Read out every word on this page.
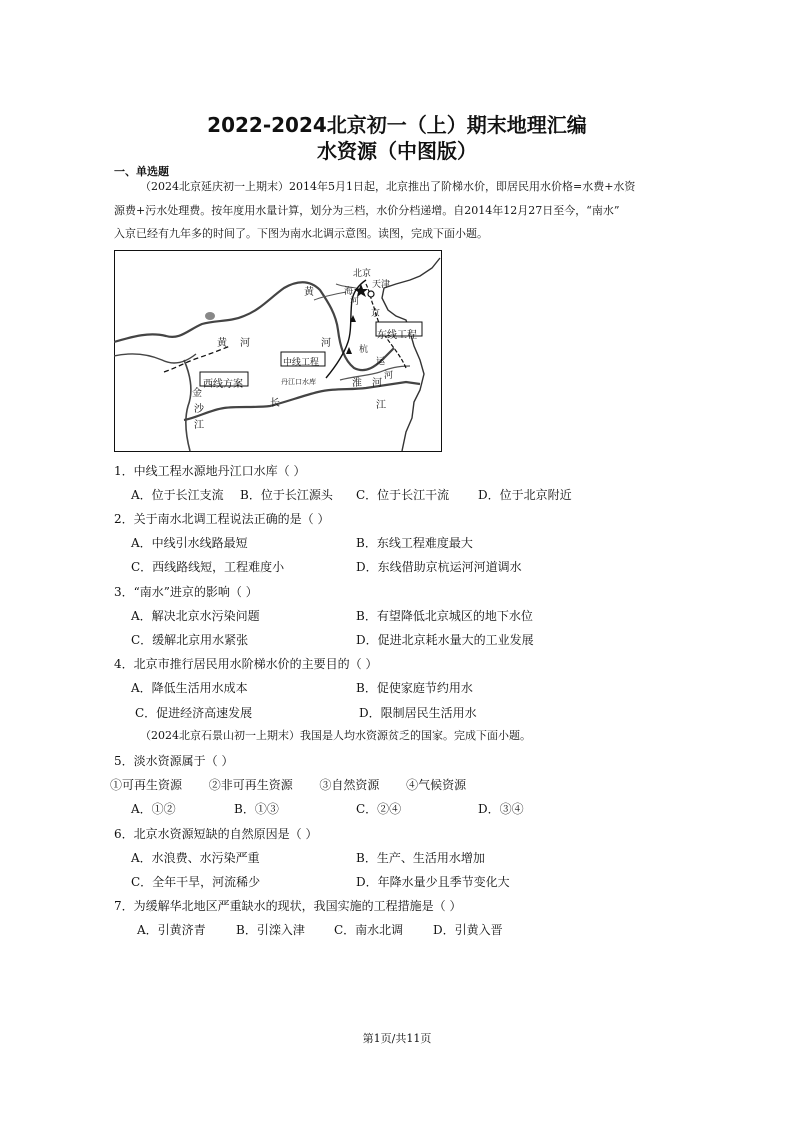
2022-2024北京初一（上）期末地理汇编
水资源（中图版）
一、单选题
（2024北京延庆初一上期末）2014年5月1日起，北京推出了阶梯水价，即居民用水价格=水费+水资
源费+污水处理费。按年度用水量计算，划分为三档，水价分档递增。自2014年12月27日至今，“南水”
入京已经有九年多的时间了。下图为南水北调示意图。读图，完成下面小题。
北京
天津
黄	海
河
京
东线工程
黄 河	河
杭
中线工程	运
河
丹江口水库
西线方案	淮 河
金
长
沙	江
江
1．中线工程水源地丹江口水库（ ）
A．位于长江支流 B．位于长江源头 C．位于长江干流 D．位于北京附近
2．关于南水北调工程说法正确的是（ ）
A．中线引水线路最短	B．东线工程难度最大
C．西线路线短，工程难度小	D．东线借助京杭运河河道调水
3．“南水”进京的影响（ ）
A．解决北京水污染问题	B．有望降低北京城区的地下水位
C．缓解北京用水紧张	D．促进北京耗水量大的工业发展
4．北京市推行居民用水阶梯水价的主要目的（ ）
A．降低生活用水成本	B．促使家庭节约用水
C．促进经济高速发展	D．限制居民生活用水
（2024北京石景山初一上期末）我国是人均水资源贫乏的国家。完成下面小题。
5．淡水资源属于（ ）
①可再生资源       ②非可再生资源       ③自然资源       ④气候资源
A．①②	B．①③	C．②④	D．③④
6．北京水资源短缺的自然原因是（ ）
A．水浪费、水污染严重	B．生产、生活用水增加
C．全年干旱，河流稀少	D．年降水量少且季节变化大
7．为缓解华北地区严重缺水的现状，我国实施的工程措施是（ ）
A．引黄济青	B．引滦入津 C．南水北调 D．引黄入晋
第1页/共11页
